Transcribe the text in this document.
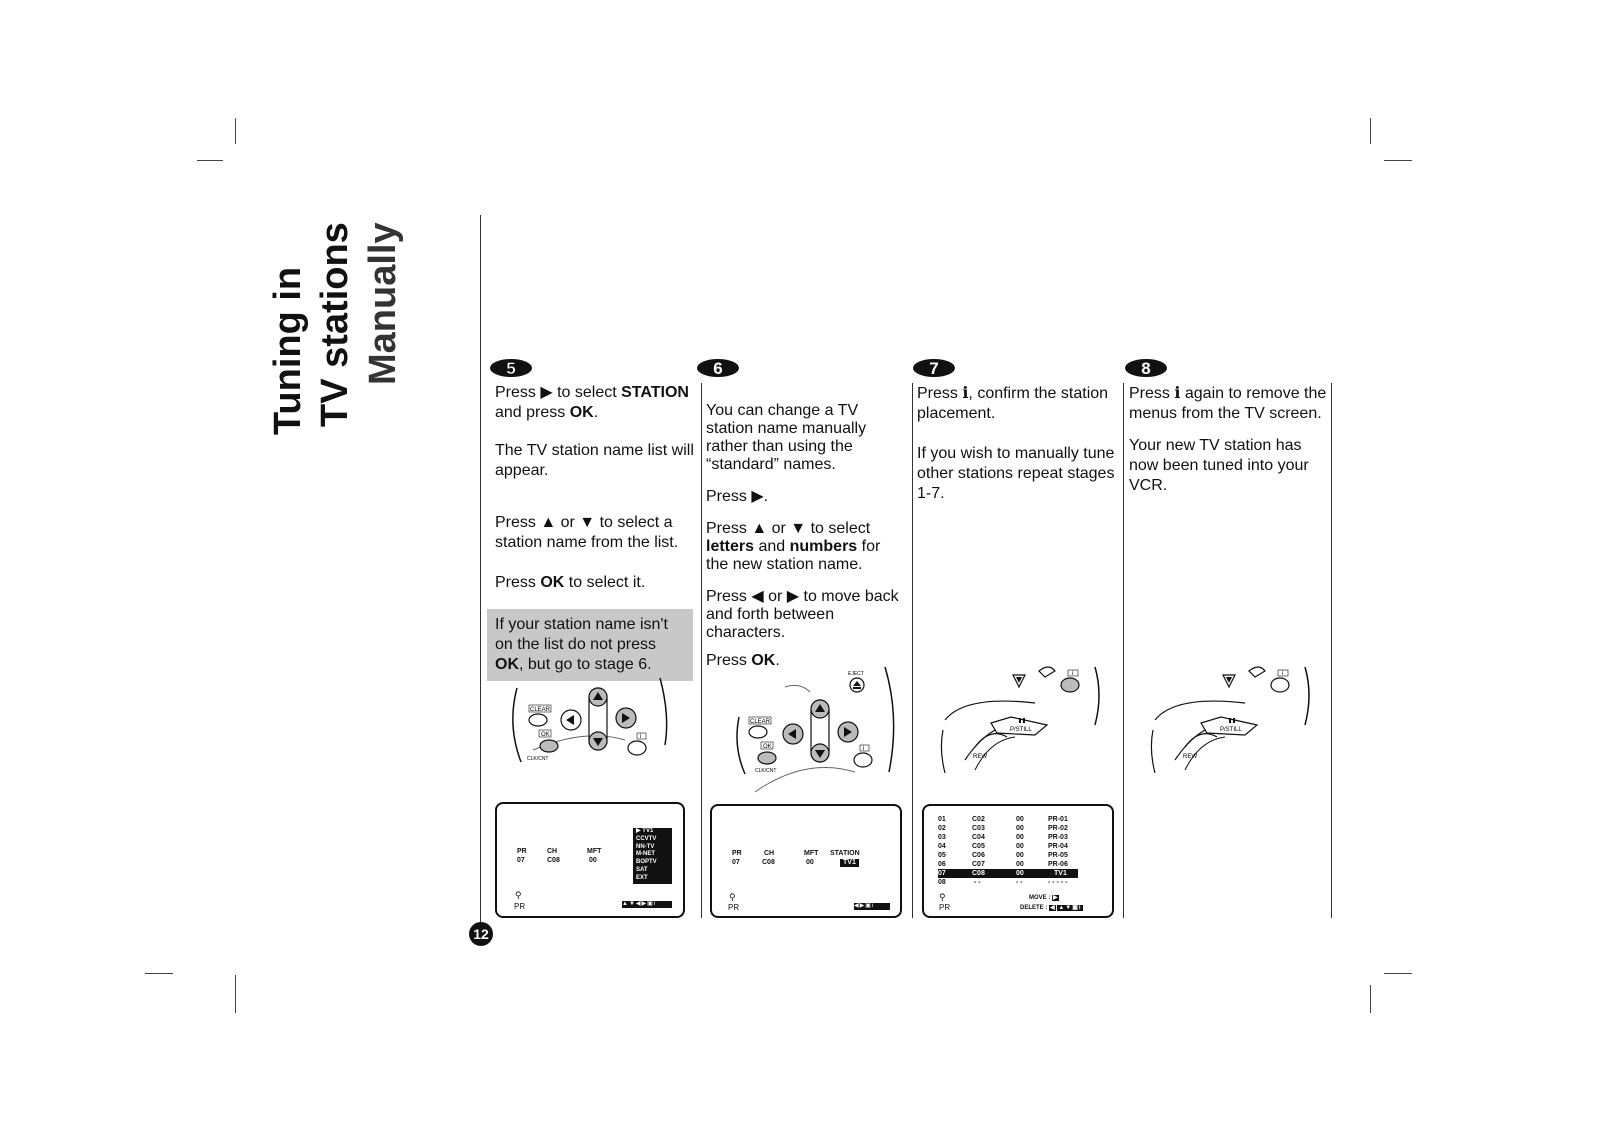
Tuning in TV stations Manually	5	6	7	8

Press ▶ to select STATION and press OK.

The TV station name list will appear.

Press ▲ or ▼ to select a station name from the list.

Press OK to select it.

If your station name isn't on the list do not press OK, but go to stage 6.

You can change a TV station name manually rather than using the “standard” names.

Press ▶.

Press ▲ or ▼ to select letters and numbers for the new station name.

Press ◀ or ▶ to move back and forth between characters.

Press OK.

Press i, confirm the station placement.

If you wish to manually tune other stations repeat stages 1-7.

Press i again to remove the menus from the TV screen.

Your new TV station has now been tuned into your VCR.

CLEAR
OK
CLK/CNT
i
EJECT
CLEAR
OK
CLK/CNT
i
P/STILL
REW
i
P/STILL
REW
i
PR	CH	MFT
07	C08	00
▶ TV1
CCVTV
NN-TV
M-NET
BOPTV
SAT
EXT
⚲
PR	▲▼◀▶▣i
PR	CH	MFT STATION
07	C08	00	TV1
⚲
PR	◀▶▣i
01	C02	00	PR-01
02	C03	00	PR-02
03	C04	00	PR-03
04	C05	00	PR-04
05	C06	00	PR-05
06	C07	00	PR-06
07	C08	00	TV1
08	- -	- -	- - - - -
⚲
PR
MOVE : ▶
DELETE : ◀ ▲▼▣i
12
